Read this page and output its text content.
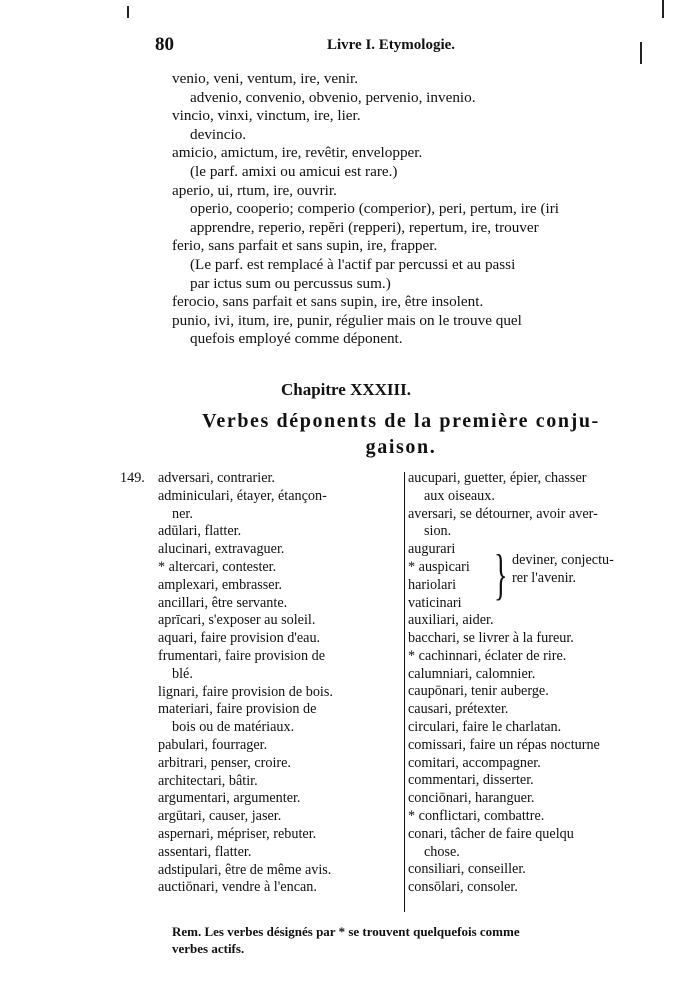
80	Livre I. Etymologie.
venio, veni, ventum, ire, venir.
advenio, convenio, obvenio, pervenio, invenio.
vincio, vinxi, vinctum, ire, lier.
devincio.
amicio, amictum, ire, revêtir, envelopper.
(le parf. amixi ou amicui est rare.)
aperio, ui, rtum, ire, ouvrir.
operio, cooperio; comperio (comperior), peri, pertum, ire (iri
apprendre, reperio, repĕri (repperi), repertum, ire, trouver
ferio, sans parfait et sans supin, ire, frapper.
(Le parf. est remplacé à l'actif par percussi et au passi
par ictus sum ou percussus sum.)
ferocio, sans parfait et sans supin, ire, être insolent.
punio, ivi, itum, ire, punir, régulier mais on le trouve quel
quefois employé comme déponent.
Chapitre XXXIII.
Verbes déponents de la première conju-
gaison.
149. adversari, contrarier.
adminiculari, étayer, étançon-
ner.
adūlari, flatter.
alucinari, extravaguer.
* altercari, contester.
amplexari, embrasser.
ancillari, être servante.
aprīcari, s'exposer au soleil.
aquari, faire provision d'eau.
frumentari, faire provision de
blé.
lignari, faire provision de bois.
materiari, faire provision de
bois ou de matériaux.
pabulari, fourrager.
arbitrari, penser, croire.
architectari, bâtir.
argumentari, argumenter.
argūtari, causer, jaser.
aspernari, mépriser, rebuter.
assentari, flatter.
adstipulari, être de même avis.
auctiōnari, vendre à l'encan.
aucupari, guetter, épier, chasser
aux oiseaux.
aversari, se détourner, avoir aver-
sion.
augurari
* auspicari
hariolari
vaticinari } deviner, conjectu-
rer l'avenir.
auxiliari, aider.
bacchari, se livrer à la fureur.
* cachinnari, éclater de rire.
calumniari, calomnier.
caupōnari, tenir auberge.
causari, prétexter.
circulari, faire le charlatan.
comissari, faire un répas nocturne
comitari, accompagner.
commentari, disserter.
conciōnari, haranguer.
* conflictari, combattre.
conari, tâcher de faire quelqu
chose.
consiliari, conseiller.
consōlari, consoler.
Rem. Les verbes désignés par * se trouvent quelquefois comme
verbes actifs.
